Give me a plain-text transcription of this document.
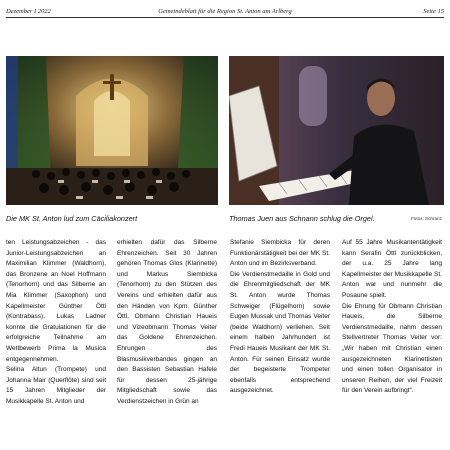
Dezember I 2022	Gemeindeblatt für die Region St. Anton am Arlberg	Seite 15
Die MK St. Anton lud zum Cäciliakonzert	Thomas Juen aus Schnann schlug die Orgel.	Fotos: Schranz

ten Leistungsabzeichen - das Junior-Leistungsabzeichen an Maximilian Klimmer (Waldhorn), das Bronzene an Noel Hoffmann (Tenorhorn) und das Silberne an Mia Klimmer (Saxophon) und Kapellmeister Günther Öttl (Kontrabass). Lukas Ladner konnte die Gratulationen für die erfolgreiche Teilnahme am Wettbewerb Prima la Musica entgegennehmen.

Selina Altun (Trompete) und Johanna Mair (Querflöte) sind seit 15 Jahren Mitglieder der Musikkapelle St. Anton und

erhielten dafür das Silberne Ehrenzeichen. Seit 30 Jahren gehören Thomas Glos (Klarinette) und Markus Siembicka (Tenorhorn) zu den Stützen des Vereins und erhielten dafür aus den Händen von Kpm. Günther Öttl, Obmann Christian Haueis und Vizeobmann Thomas Veiter das Goldene Ehrenzeichen. Ehrungen des Blasmusikverbandes gingen an den Bassisten Sebastian Hafele für dessen 25-jährige Mitgliedschaft sowie das Verdienstzeichen in Grün an

Stefanie Siembicka für deren Funktionärstätigkeit bei der MK St. Anton und im Bezirksverband.

Die Verdienstmedaille in Gold und die Ehrenmitgliedschaft der MK St. Anton wurde Thomas Schweiger (Flügelhorn) sowie Eugen Mussak und Thomas Veiter (beide Waldhorn) verliehen. Seit einem halben Jahrhundert ist Fredi Haueis Musikant der MK St. Anton. Für seinen Einsatz wurde der begeisterte Trompeter ebenfalls entsprechend ausgezeichnet.

Auf 55 Jahre Musikantentätigkeit kann Serafin Öttl zurückblicken, der u.a. 25 Jahre lang Kapellmeister der Musikkapelle St. Anton war und nunmehr die Posaune spielt.

Die Ehrung für Obmann Christian Haueis, die Silberne Verdienstmedaille, nahm dessen Stellvertreter Thomas Veiter vor: „Wir haben mit Christian einen ausgezeichneten Klarinettisten und einen tollen Organisator in unseren Reihen, der viel Freizeit für den Verein aufbringt“.
